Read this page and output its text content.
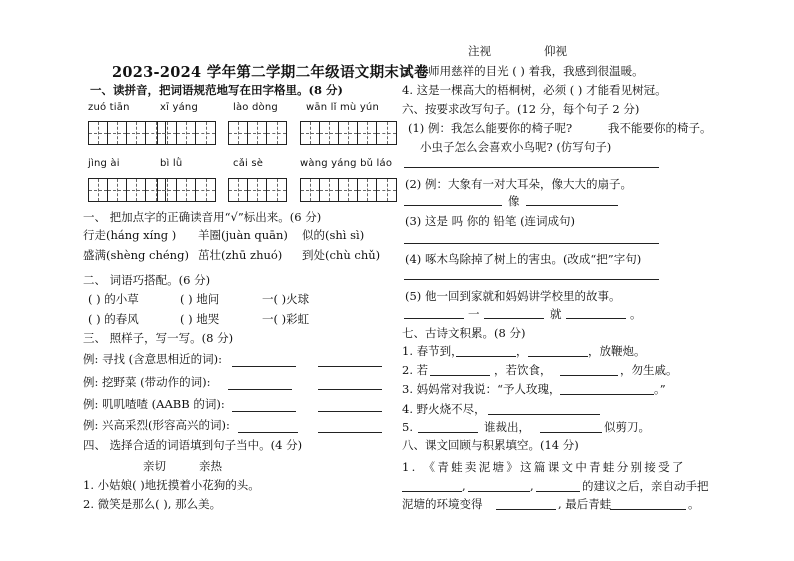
2023-2024 学年第二学期二年级语文期末试卷
一、读拼音，把词语规范地写在田字格里。(8 分)
zuó tiān	xī yáng	lào dòng	wān lǐ mù yún
jìng ài	bì lǜ	cǎi sè	wàng yáng bǔ láo
一、 把加点字的正确读音用“√”标出来。(6 分)
行走(háng xíng ) 羊圈(juàn quān) 似的(shì sì)
盛满(shèng chéng) 茁壮(zhū zhuó) 到处(chù chǔ)
二、 词语巧搭配。(6 分)
( ) 的小草	( ) 地问	一( )火球
( ) 的春风	( ) 地哭	一( )彩虹
三、 照样子，写一写。(8 分)
例: 寻找 (含意思相近的词):
例: 挖野菜 (带动作的词):
例: 叽叽喳喳 (AABB 的词):
例: 兴高采烈(形容高兴的词):
四、 选择合适的词语填到句子当中。(4 分)
亲切	亲热
1. 小姑娘( )地抚摸着小花狗的头。
2. 微笑是那么( ), 那么美。
注视	仰视
3. 老师用慈祥的目光 ( ) 着我，我感到很温暖。
4. 这是一棵高大的梧桐树，必须 ( ) 才能看见树冠。
六、按要求改写句子。(12 分，每个句子 2 分)
(1) 例：我怎么能要你的椅子呢?	我不能要你的椅子。
小虫子怎么会喜欢小鸟呢? (仿写句子)
(2) 例：大象有一对大耳朵，像大大的扇子。
像
(3) 这是 吗 你的 铅笔 (连词成句)
(4) 啄木鸟除掉了树上的害虫。(改成“把”字句)
(5) 他一回到家就和妈妈讲学校里的故事。
一	就	。
七、古诗文积累。(8 分)
1. 春节到，	，	，放鞭炮。
2. 若	，若饮食，	，勿生戚。
3. 妈妈常对我说：“予人玫瑰，	。”
4. 野火烧不尽，
5.	谁裁出，	似剪刀。
八、课文回顾与积累填空。(14 分)
1. 《青蛙卖泥塘》这篇课文中青蛙分别接受了
,	,	的建议之后，亲自动手把
泥塘的环境变得	, 最后青蛙	。
